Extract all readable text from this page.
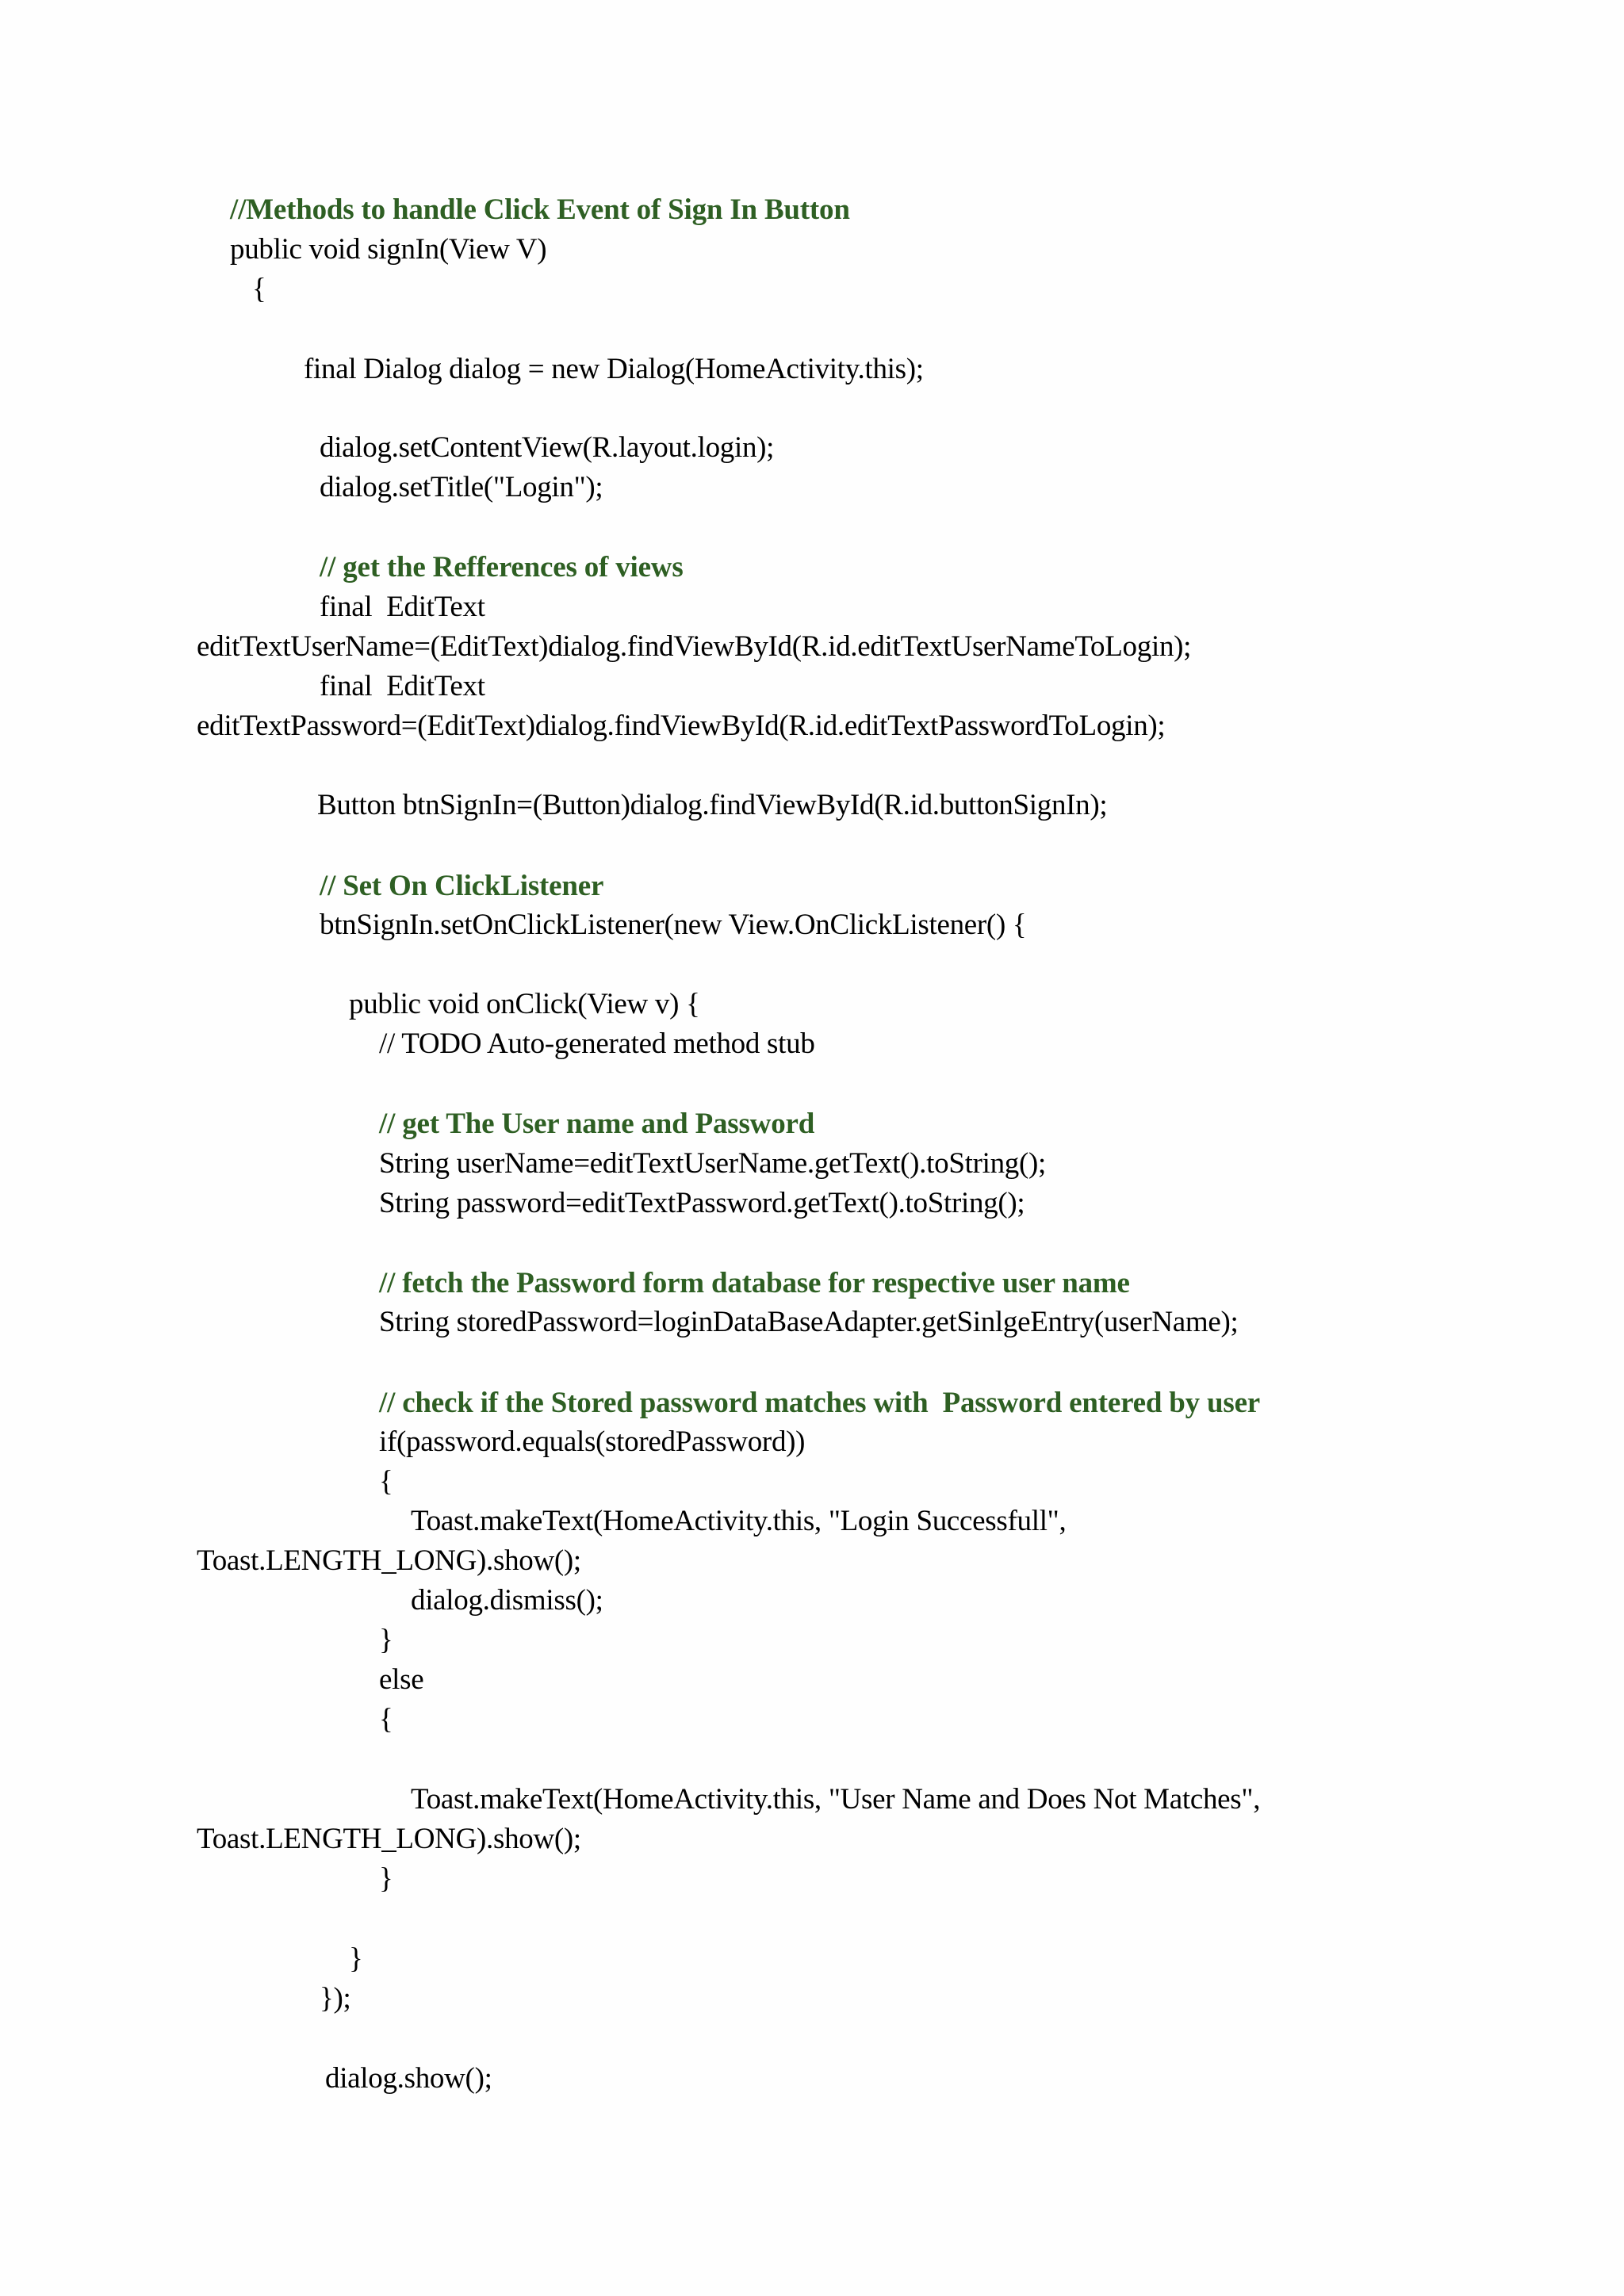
//Methods to handle Click Event of Sign In Button
public void signIn(View V)
{
final Dialog dialog = new Dialog(HomeActivity.this);
dialog.setContentView(R.layout.login);
dialog.setTitle("Login");
// get the Refferences of views
final  EditText
editTextUserName=(EditText)dialog.findViewById(R.id.editTextUserNameToLogin);
final  EditText
editTextPassword=(EditText)dialog.findViewById(R.id.editTextPasswordToLogin);
Button btnSignIn=(Button)dialog.findViewById(R.id.buttonSignIn);
// Set On ClickListener
btnSignIn.setOnClickListener(new View.OnClickListener() {
public void onClick(View v) {
// TODO Auto-generated method stub
// get The User name and Password
String userName=editTextUserName.getText().toString();
String password=editTextPassword.getText().toString();
// fetch the Password form database for respective user name
String storedPassword=loginDataBaseAdapter.getSinlgeEntry(userName);
// check if the Stored password matches with  Password entered by user
if(password.equals(storedPassword))
{
Toast.makeText(HomeActivity.this, "Login Successfull",
Toast.LENGTH_LONG).show();
dialog.dismiss();
}
else
{
Toast.makeText(HomeActivity.this, "User Name and Does Not Matches",
Toast.LENGTH_LONG).show();
}
}
});
dialog.show();
